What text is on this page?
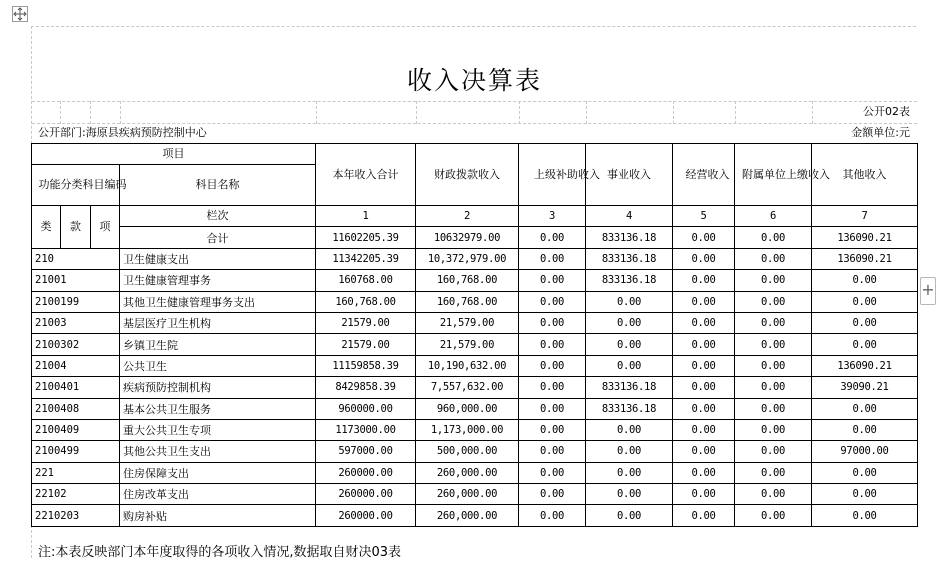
+
收入决算表
公开02表
公开部门:海原县疾病预防控制中心	金额单位:元
项目				本年收入合计	财政拨款收入	上级补助收入	事业收入	经营收入	附属单位上缴收入	其他收入

功能分类科目编码			科目名称							

类	款	项	栏次	1	2	3	4	5	6	7
			合计	11602205.39	10632979.00	0.00	833136.18	0.00	0.00	136090.21
210			卫生健康支出	11342205.39	10,372,979.00	0.00	833136.18	0.00	0.00	136090.21
21001			卫生健康管理事务	160768.00	160,768.00	0.00	833136.18	0.00	0.00	0.00
2100199			其他卫生健康管理事务支出	160,768.00	160,768.00	0.00	0.00	0.00	0.00	0.00
21003			基层医疗卫生机构	21579.00	21,579.00	0.00	0.00	0.00	0.00	0.00
2100302			乡镇卫生院	21579.00	21,579.00	0.00	0.00	0.00	0.00	0.00
21004			公共卫生	11159858.39	10,190,632.00	0.00	0.00	0.00	0.00	136090.21
2100401			疾病预防控制机构	8429858.39	7,557,632.00	0.00	833136.18	0.00	0.00	39090.21
2100408			基本公共卫生服务	960000.00	960,000.00	0.00	833136.18	0.00	0.00	0.00
2100409			重大公共卫生专项	1173000.00	1,173,000.00	0.00	0.00	0.00	0.00	0.00
2100499			其他公共卫生支出	597000.00	500,000.00	0.00	0.00	0.00	0.00	97000.00
221			住房保障支出	260000.00	260,000.00	0.00	0.00	0.00	0.00	0.00
22102			住房改革支出	260000.00	260,000.00	0.00	0.00	0.00	0.00	0.00
2210203			购房补贴	260000.00	260,000.00	0.00	0.00	0.00	0.00	0.00
注:本表反映部门本年度取得的各项收入情况,数据取自财决03表
